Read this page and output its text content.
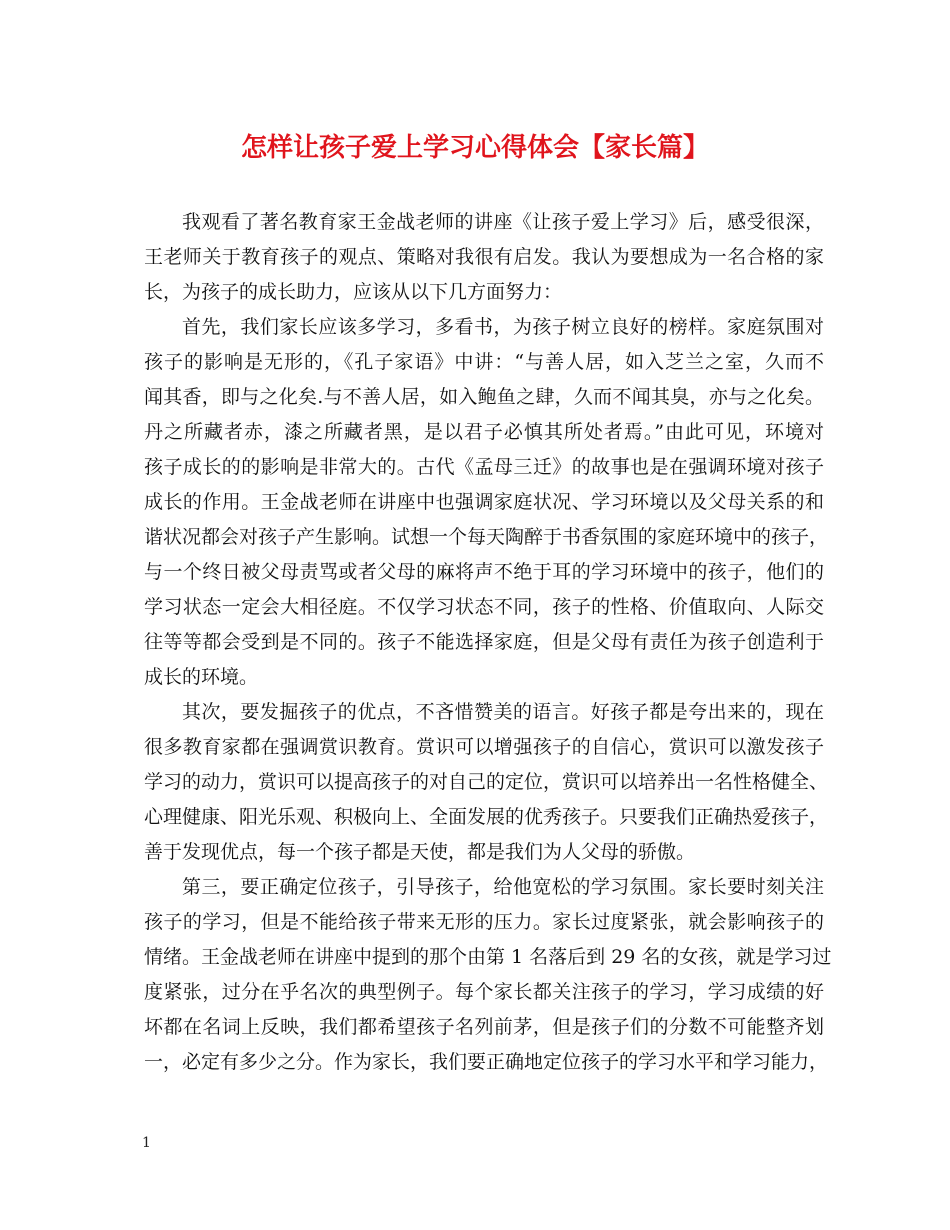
怎样让孩子爱上学习心得体会【家长篇】
我观看了著名教育家王金战老师的讲座《让孩子爱上学习》后，感受很深，
王老师关于教育孩子的观点、策略对我很有启发。我认为要想成为一名合格的家
长，为孩子的成长助力，应该从以下几方面努力：
首先，我们家长应该多学习，多看书，为孩子树立良好的榜样。家庭氛围对
孩子的影响是无形的，《孔子家语》中讲：“与善人居，如入芝兰之室，久而不
闻其香，即与之化矣.与不善人居，如入鲍鱼之肆，久而不闻其臭，亦与之化矣。
丹之所藏者赤，漆之所藏者黑，是以君子必慎其所处者焉。”由此可见，环境对
孩子成长的的影响是非常大的。古代《孟母三迁》的故事也是在强调环境对孩子
成长的作用。王金战老师在讲座中也强调家庭状况、学习环境以及父母关系的和
谐状况都会对孩子产生影响。试想一个每天陶醉于书香氛围的家庭环境中的孩子，
与一个终日被父母责骂或者父母的麻将声不绝于耳的学习环境中的孩子，他们的
学习状态一定会大相径庭。不仅学习状态不同，孩子的性格、价值取向、人际交
往等等都会受到是不同的。孩子不能选择家庭，但是父母有责任为孩子创造利于
成长的环境。
其次，要发掘孩子的优点，不吝惜赞美的语言。好孩子都是夸出来的，现在
很多教育家都在强调赏识教育。赏识可以增强孩子的自信心，赏识可以激发孩子
学习的动力，赏识可以提高孩子的对自己的定位，赏识可以培养出一名性格健全、
心理健康、阳光乐观、积极向上、全面发展的优秀孩子。只要我们正确热爱孩子，
善于发现优点，每一个孩子都是天使，都是我们为人父母的骄傲。
第三，要正确定位孩子，引导孩子，给他宽松的学习氛围。家长要时刻关注
孩子的学习，但是不能给孩子带来无形的压力。家长过度紧张，就会影响孩子的
情绪。王金战老师在讲座中提到的那个由第 1 名落后到 29 名的女孩，就是学习过
度紧张，过分在乎名次的典型例子。每个家长都关注孩子的学习，学习成绩的好
坏都在名词上反映，我们都希望孩子名列前茅，但是孩子们的分数不可能整齐划
一，必定有多少之分。作为家长，我们要正确地定位孩子的学习水平和学习能力，
1
